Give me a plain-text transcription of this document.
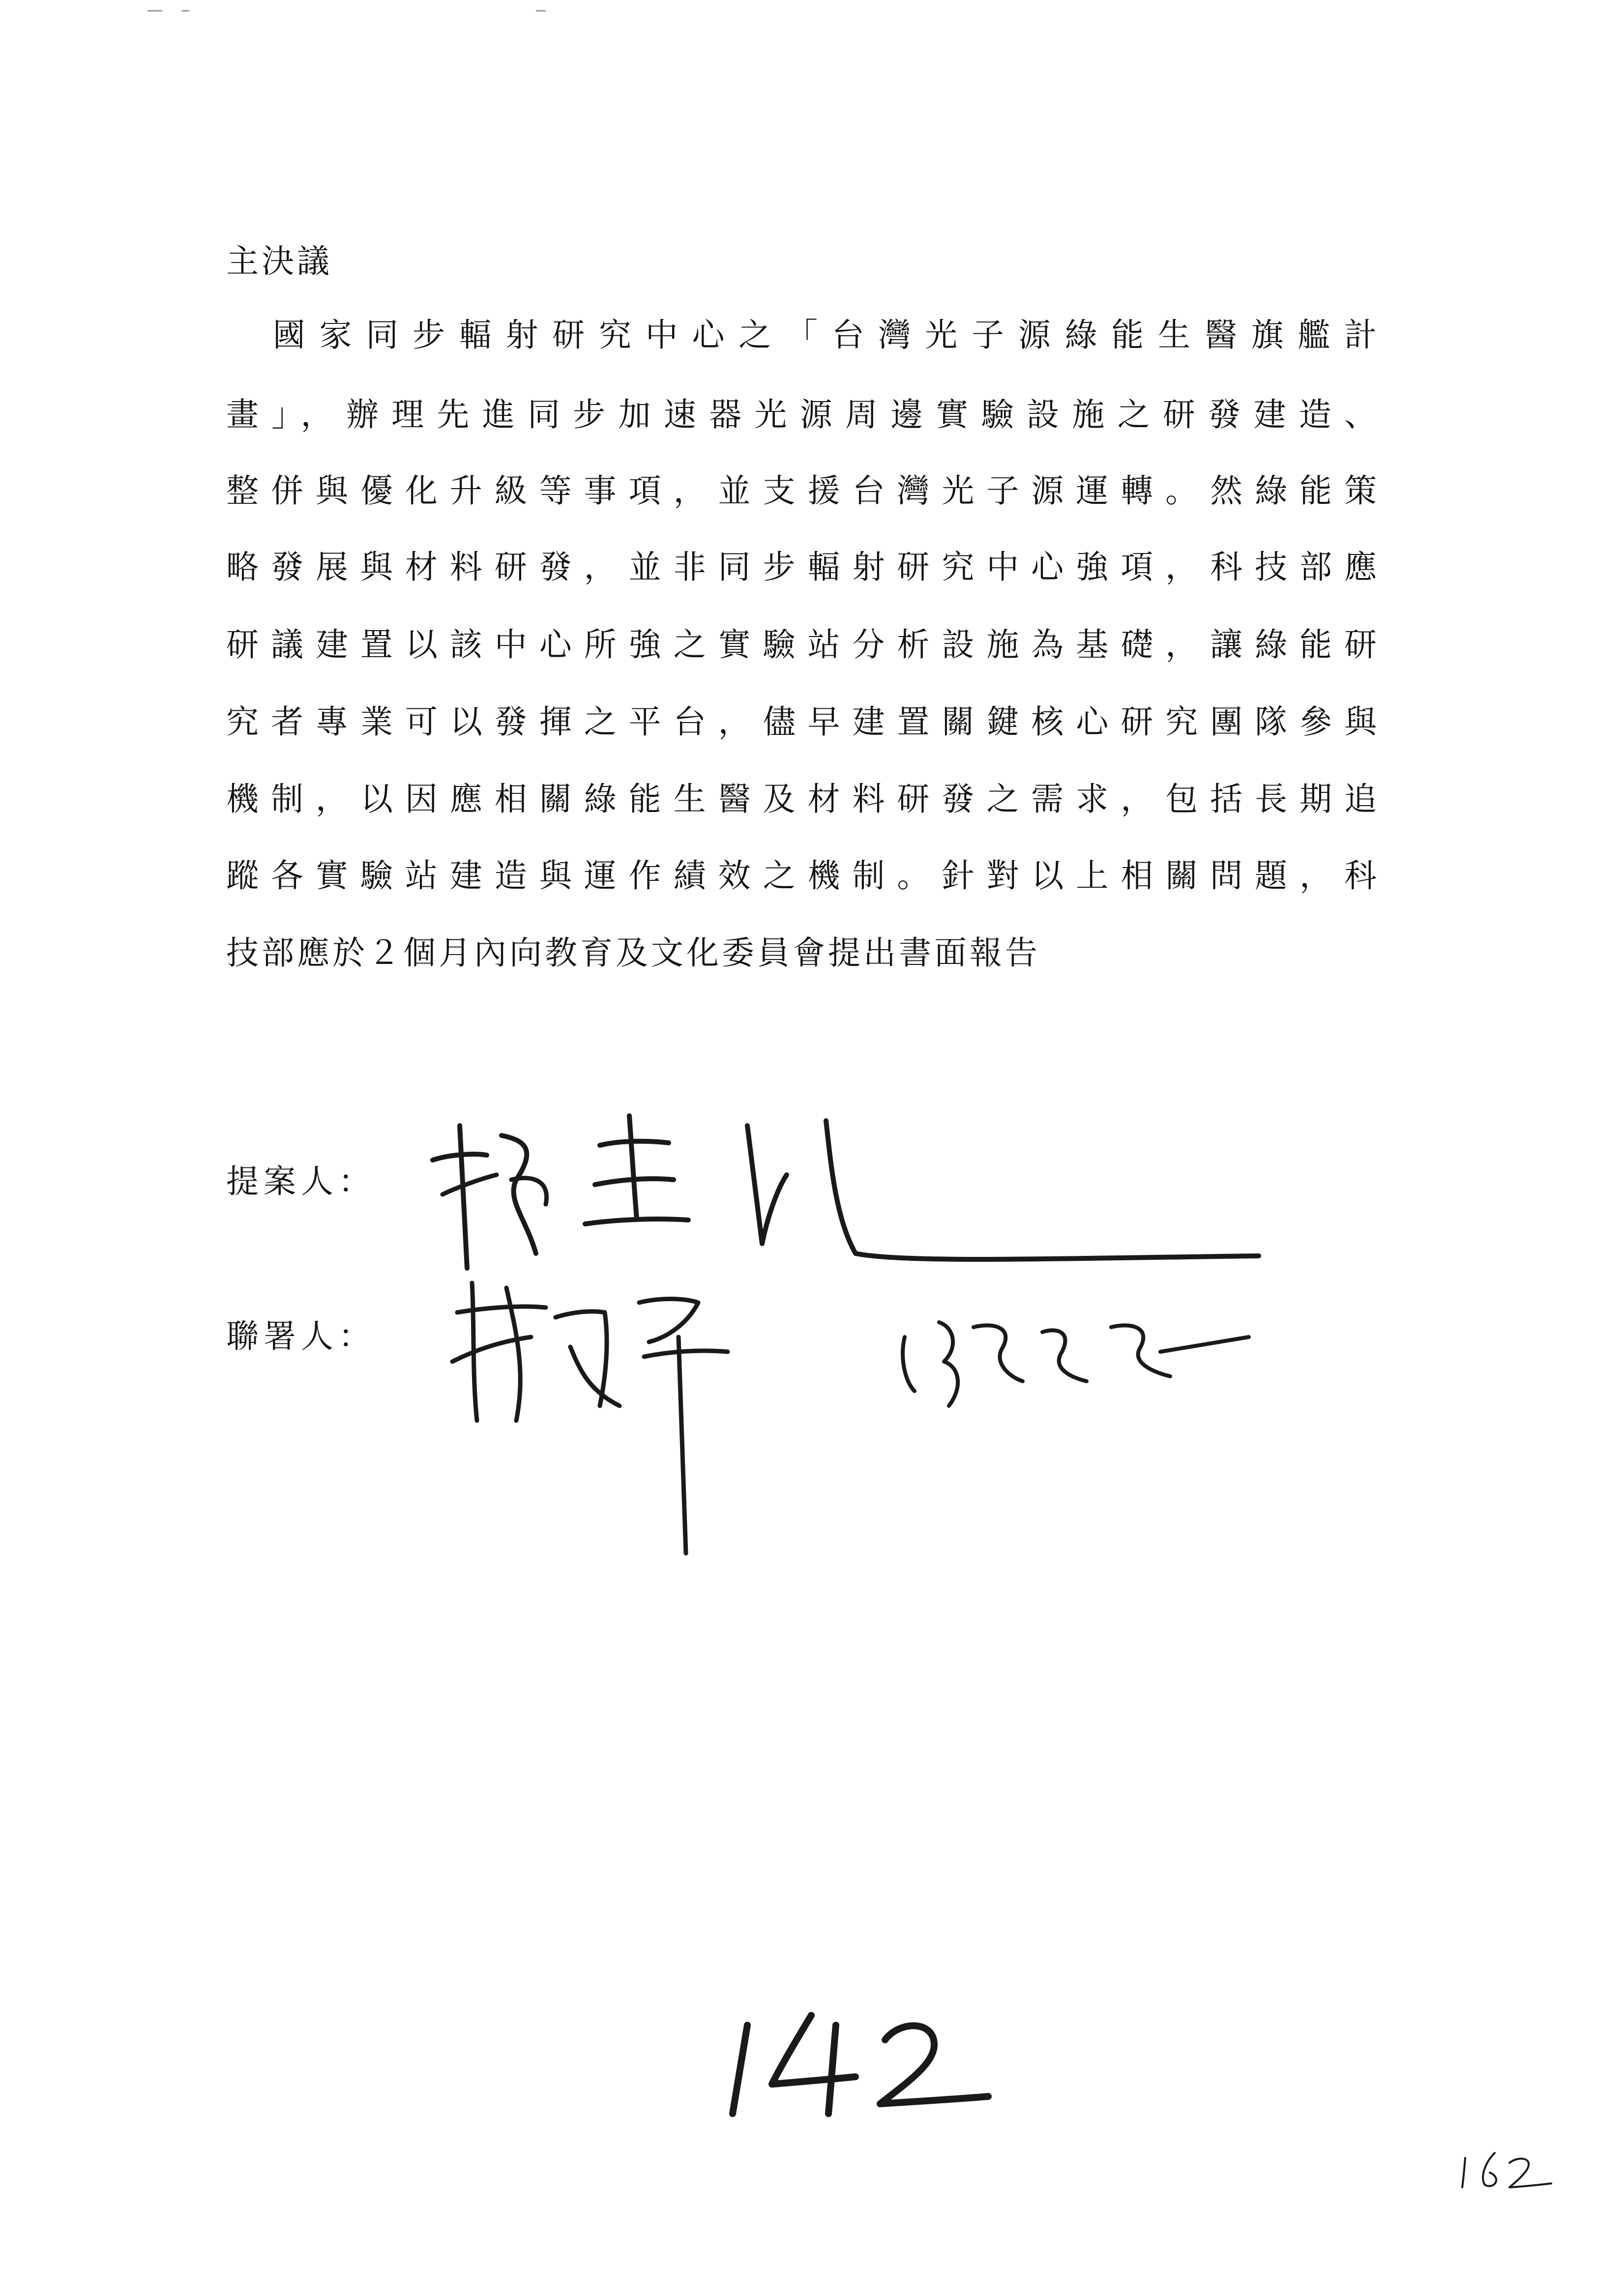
主決議
　國家同步輻射研究中心之「台灣光子源綠能生醫旗艦計
畫」，辦理先進同步加速器光源周邊實驗設施之研發建造、
整併與優化升級等事項，並支援台灣光子源運轉。然綠能策
略發展與材料研發，並非同步輻射研究中心強項，科技部應
研議建置以該中心所強之實驗站分析設施為基礎，讓綠能研
究者專業可以發揮之平台，儘早建置關鍵核心研究團隊參與
機制，以因應相關綠能生醫及材料研發之需求，包括長期追
蹤各實驗站建造與運作績效之機制。針對以上相關問題，科
技部應於２個月內向教育及文化委員會提出書面報告
提案人：
聯署人：
